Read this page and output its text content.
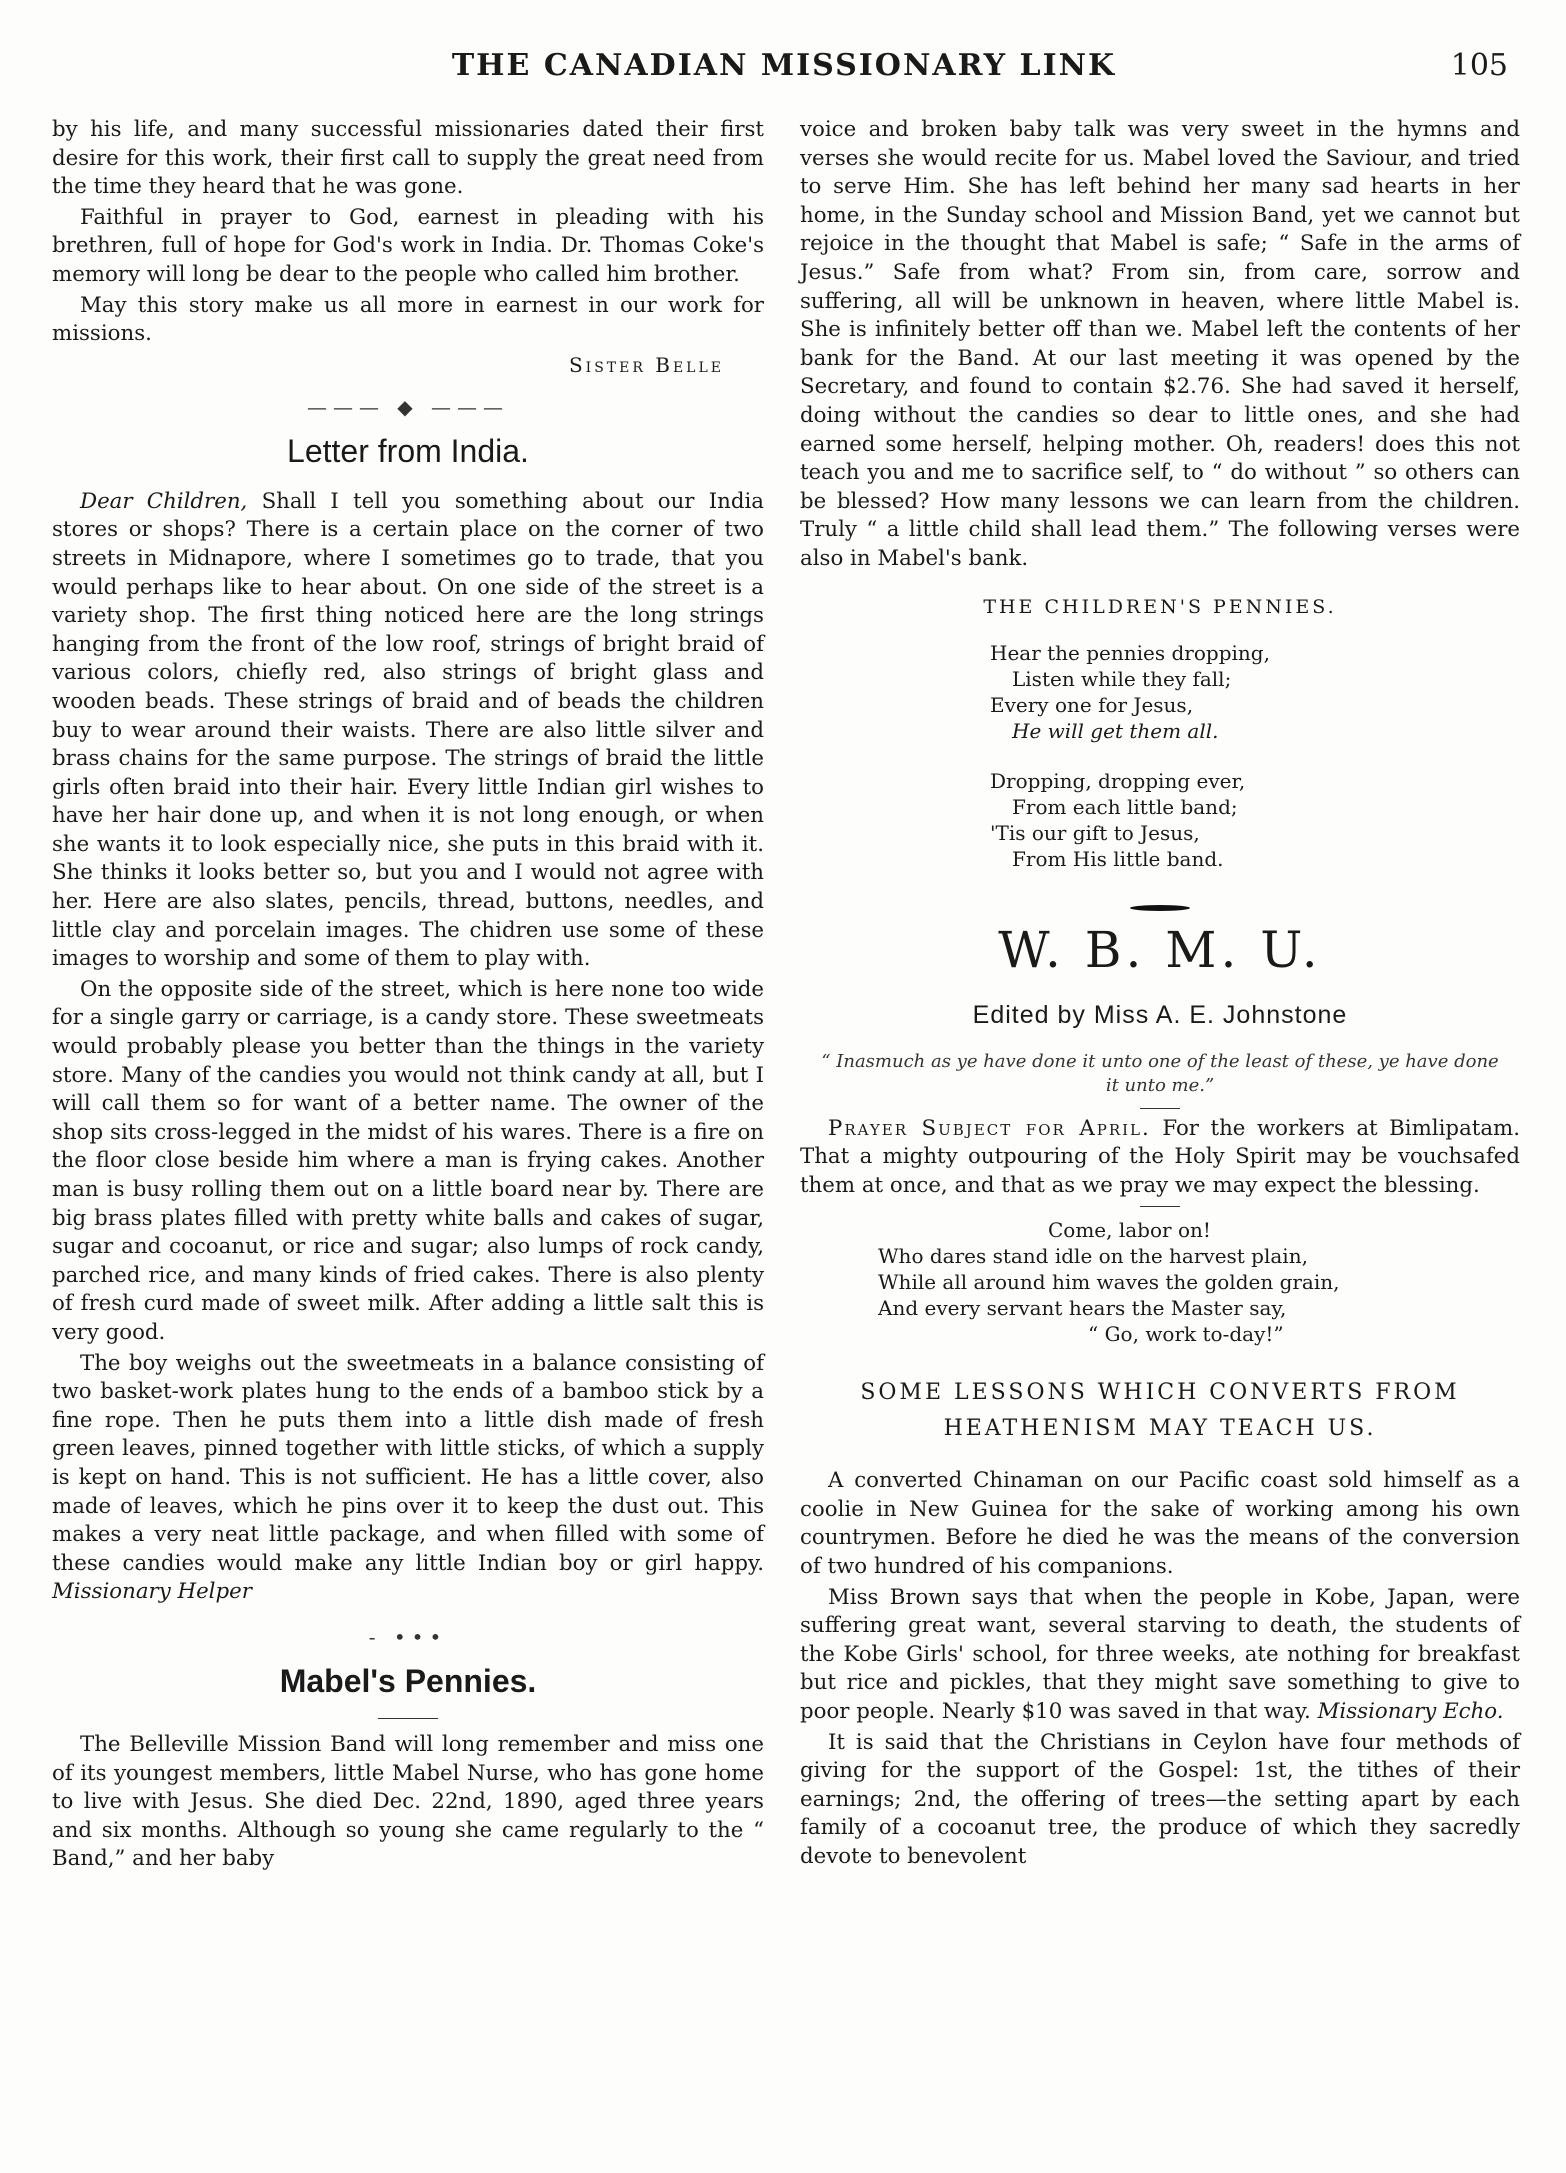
THE CANADIAN MISSIONARY LINK	105

by his life, and many successful missionaries dated their first desire for this work, their first call to supply the great need from the time they heard that he was gone.

Faithful in prayer to God, earnest in pleading with his brethren, full of hope for God's work in India. Dr. Thomas Coke's memory will long be dear to the people who called him brother.

May this story make us all more in earnest in our work for missions.

Sister Belle
——— ◆ ———
Letter from India.

Dear Children, Shall I tell you something about our India stores or shops? There is a certain place on the corner of two streets in Midnapore, where I sometimes go to trade, that you would perhaps like to hear about. On one side of the street is a variety shop. The first thing noticed here are the long strings hanging from the front of the low roof, strings of bright braid of various colors, chiefly red, also strings of bright glass and wooden beads. These strings of braid and of beads the children buy to wear around their waists. There are also little silver and brass chains for the same purpose. The strings of braid the little girls often braid into their hair. Every little Indian girl wishes to have her hair done up, and when it is not long enough, or when she wants it to look especially nice, she puts in this braid with it. She thinks it looks better so, but you and I would not agree with her. Here are also slates, pencils, thread, buttons, needles, and little clay and porcelain images. The chidren use some of these images to worship and some of them to play with.

On the opposite side of the street, which is here none too wide for a single garry or carriage, is a candy store. These sweetmeats would probably please you better than the things in the variety store. Many of the candies you would not think candy at all, but I will call them so for want of a better name. The owner of the shop sits cross-legged in the midst of his wares. There is a fire on the floor close beside him where a man is frying cakes. Another man is busy rolling them out on a little board near by. There are big brass plates filled with pretty white balls and cakes of sugar, sugar and cocoanut, or rice and sugar; also lumps of rock candy, parched rice, and many kinds of fried cakes. There is also plenty of fresh curd made of sweet milk. After adding a little salt this is very good.

The boy weighs out the sweetmeats in a balance consisting of two basket-work plates hung to the ends of a bamboo stick by a fine rope. Then he puts them into a little dish made of fresh green leaves, pinned together with little sticks, of which a supply is kept on hand. This is not sufficient. He has a little cover, also made of leaves, which he pins over it to keep the dust out. This makes a very neat little package, and when filled with some of these candies would make any little Indian boy or girl happy. Missionary Helper

- •••
Mabel's Pennies.

The Belleville Mission Band will long remember and miss one of its youngest members, little Mabel Nurse, who has gone home to live with Jesus. She died Dec. 22nd, 1890, aged three years and six months. Although so young she came regularly to the “ Band,” and her baby

voice and broken baby talk was very sweet in the hymns and verses she would recite for us. Mabel loved the Saviour, and tried to serve Him. She has left behind her many sad hearts in her home, in the Sunday school and Mission Band, yet we cannot but rejoice in the thought that Mabel is safe; “ Safe in the arms of Jesus.” Safe from what? From sin, from care, sorrow and suffering, all will be unknown in heaven, where little Mabel is. She is infinitely better off than we. Mabel left the contents of her bank for the Band. At our last meeting it was opened by the Secretary, and found to contain $2.76. She had saved it herself, doing without the candies so dear to little ones, and she had earned some herself, helping mother. Oh, readers! does this not teach you and me to sacrifice self, to “ do without ” so others can be blessed? How many lessons we can learn from the children. Truly “ a little child shall lead them.” The following verses were also in Mabel's bank.

THE CHILDREN'S PENNIES.
Hear the pennies dropping,
Listen while they fall;
Every one for Jesus,
He will get them all.
Dropping, dropping ever,
From each little band;
'Tis our gift to Jesus,
From His little band.
W. B. M. U.
Edited by Miss A. E. Johnstone
“ Inasmuch as ye have done it unto one of the least of these, ye have done it unto me.”

Prayer Subject for April. For the workers at Bimlipatam. That a mighty outpouring of the Holy Spirit may be vouchsafed them at once, and that as we pray we may expect the blessing.

Come, labor on!
Who dares stand idle on the harvest plain,
While all around him waves the golden grain,
And every servant hears the Master say,
“ Go, work to-day!”
SOME LESSONS WHICH CONVERTS FROM
HEATHENISM MAY TEACH US.

A converted Chinaman on our Pacific coast sold himself as a coolie in New Guinea for the sake of working among his own countrymen. Before he died he was the means of the conversion of two hundred of his companions.

Miss Brown says that when the people in Kobe, Japan, were suffering great want, several starving to death, the students of the Kobe Girls' school, for three weeks, ate nothing for breakfast but rice and pickles, that they might save something to give to poor people. Nearly $10 was saved in that way. Missionary Echo.

It is said that the Christians in Ceylon have four methods of giving for the support of the Gospel: 1st, the tithes of their earnings; 2nd, the offering of trees—the setting apart by each family of a cocoanut tree, the produce of which they sacredly devote to benevolent
